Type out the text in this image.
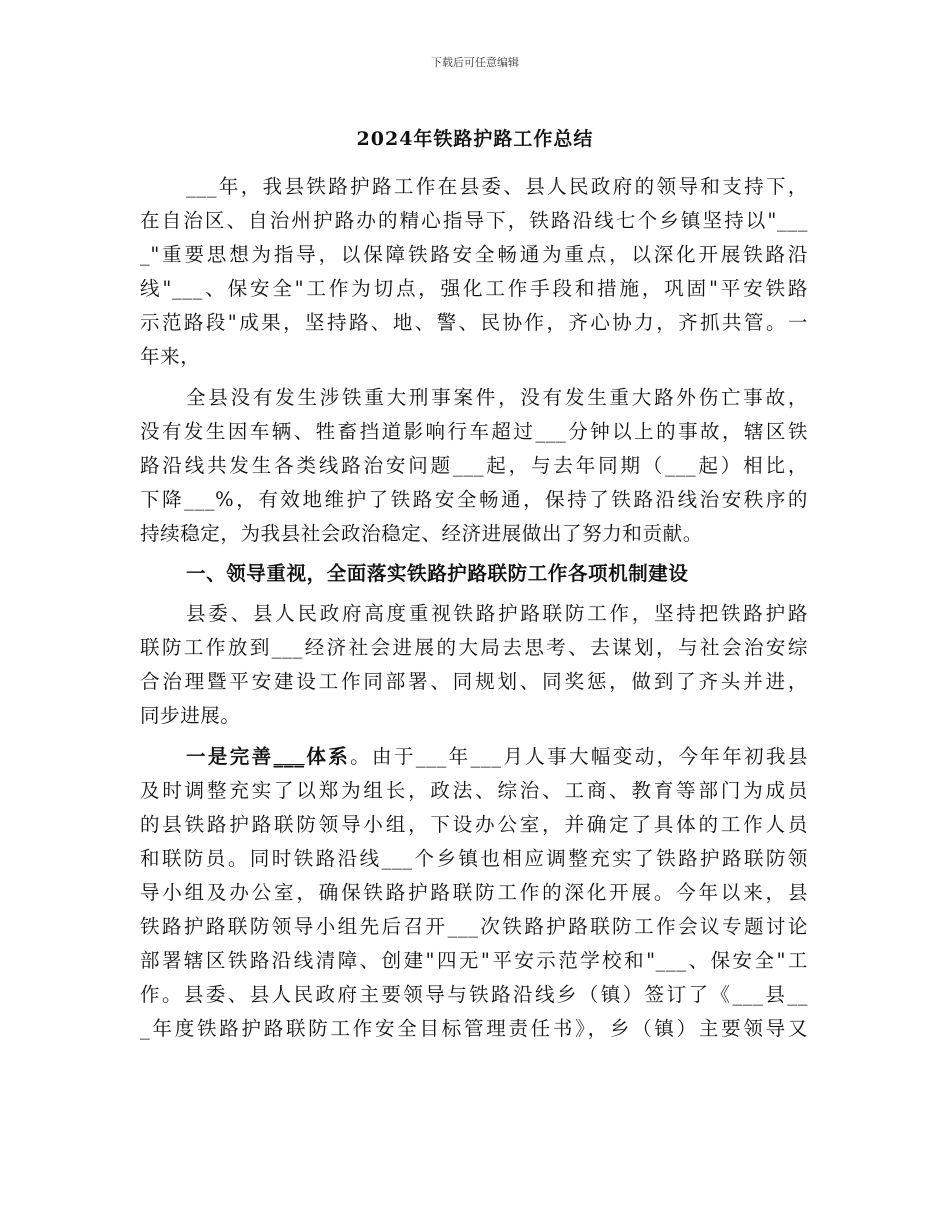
下载后可任意编辑
2024年铁路护路工作总结
___年，我县铁路护路工作在县委、县人民政府的领导和支持下，
在自治区、自治州护路办的精心指导下，铁路沿线七个乡镇坚持以"___
_"重要思想为指导，以保障铁路安全畅通为重点，以深化开展铁路沿
线"___、保安全"工作为切点，强化工作手段和措施，巩固"平安铁路
示范路段"成果，坚持路、地、警、民协作，齐心协力，齐抓共管。一
年来，
全县没有发生涉铁重大刑事案件，没有发生重大路外伤亡事故，
没有发生因车辆、牲畜挡道影响行车超过___分钟以上的事故，辖区铁
路沿线共发生各类线路治安问题___起，与去年同期（___起）相比，
下降___%，有效地维护了铁路安全畅通，保持了铁路沿线治安秩序的
持续稳定，为我县社会政治稳定、经济进展做出了努力和贡献。
一、领导重视，全面落实铁路护路联防工作各项机制建设
县委、县人民政府高度重视铁路护路联防工作，坚持把铁路护路
联防工作放到___经济社会进展的大局去思考、去谋划，与社会治安综
合治理暨平安建设工作同部署、同规划、同奖惩，做到了齐头并进，
同步进展。
一是完善___体系。由于___年___月人事大幅变动，今年年初我县
及时调整充实了以郑为组长，政法、综治、工商、教育等部门为成员
的县铁路护路联防领导小组，下设办公室，并确定了具体的工作人员
和联防员。同时铁路沿线___个乡镇也相应调整充实了铁路护路联防领
导小组及办公室，确保铁路护路联防工作的深化开展。今年以来，县
铁路护路联防领导小组先后召开___次铁路护路联防工作会议专题讨论
部署辖区铁路沿线清障、创建"四无"平安示范学校和"___、保安全"工
作。县委、县人民政府主要领导与铁路沿线乡（镇）签订了《___县__
_年度铁路护路联防工作安全目标管理责任书》，乡（镇）主要领导又
